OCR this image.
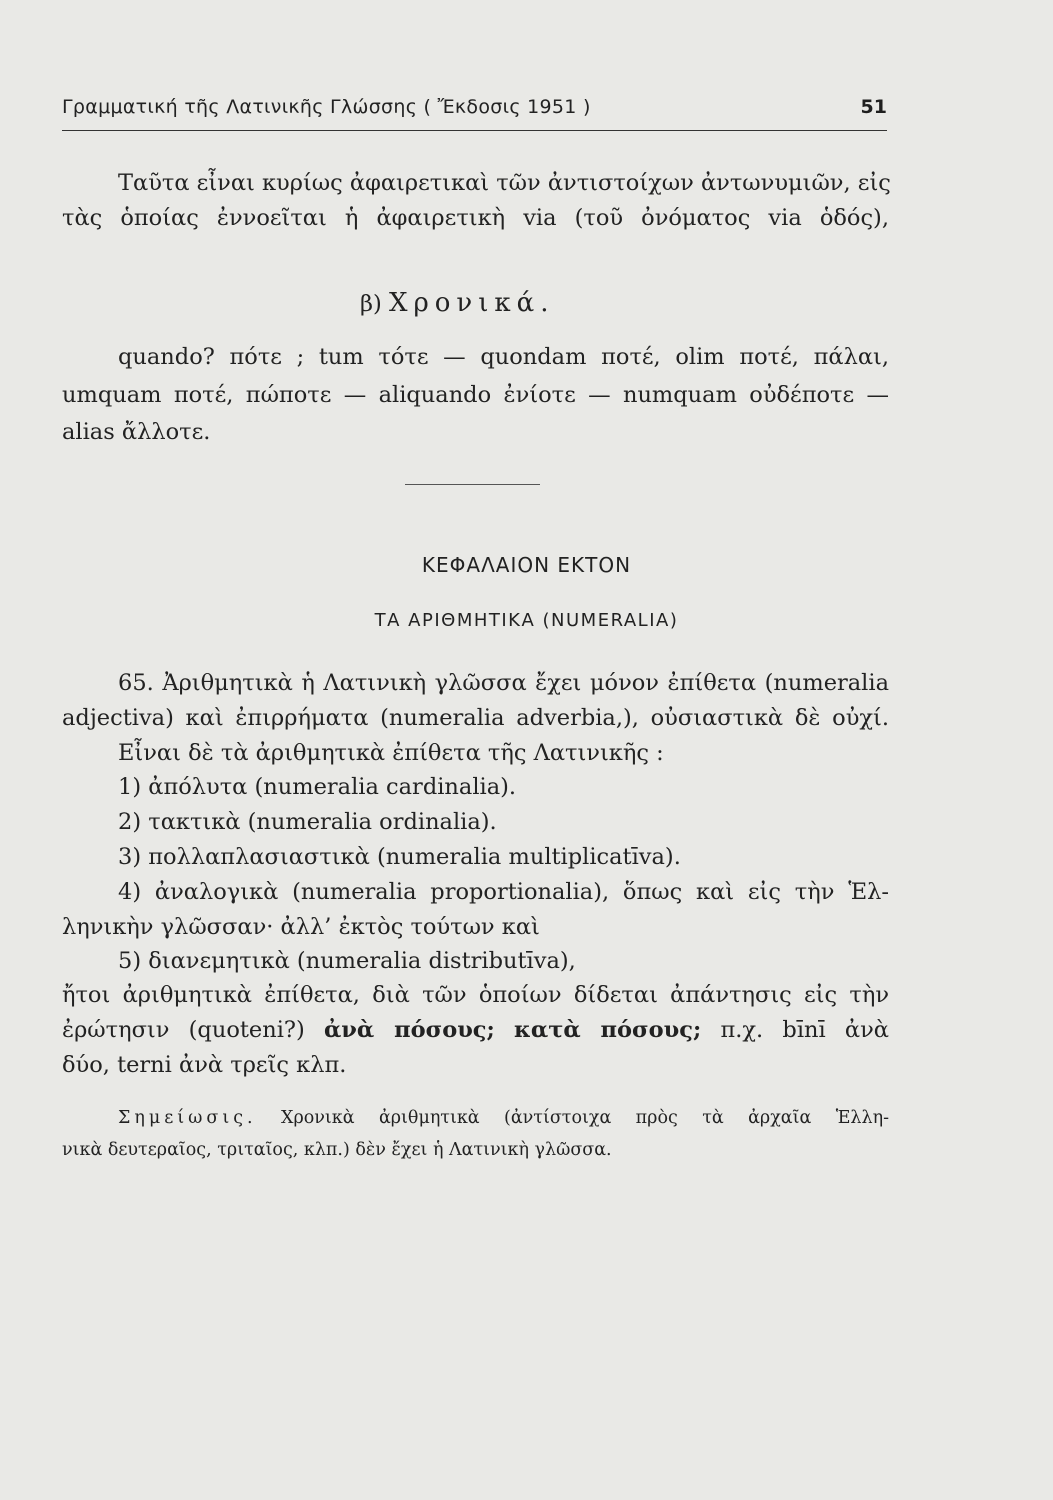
Γραμματική τῆς Λατινικῆς Γλώσσης ( Ἔκδοσις 1951 )	51
Ταῦτα εἶναι κυρίως ἀφαιρετικαὶ τῶν ἀντιστοίχων ἀντωνυμιῶν, εἰς
τὰς ὁποίας ἐννοεῖται ἡ ἀφαιρετικὴ via (τοῦ ὀνόματος via ὁδός),
β) Χρονικά.
quando? πότε ; tum τότε — quondam ποτέ, olim ποτέ, πάλαι,
umquam ποτέ, πώποτε — aliquando ἐνίοτε — numquam οὐδέποτε —
alias ἄλλοτε.
ΚΕΦΑΛΑΙΟΝ ΕΚΤΟΝ
ΤΑ ΑΡΙΘΜΗΤΙΚΑ (NUMERALIA)
65. Ἀριθμητικὰ ἡ Λατινικὴ γλῶσσα ἔχει μόνον ἐπίθετα (numeralia
adjectiva) καὶ ἐπιρρήματα (numeralia adverbia,), οὐσιαστικὰ δὲ οὐχί.
Εἶναι δὲ τὰ ἀριθμητικὰ ἐπίθετα τῆς Λατινικῆς :
1) ἀπόλυτα (numeralia cardinalia).
2) τακτικὰ (numeralia ordinalia).
3) πολλαπλασιαστικὰ (numeralia multiplicatīva).
4) ἀναλογικὰ (numeralia proportionalia), ὅπως καὶ εἰς τὴν Ἑλ-
ληνικὴν γλῶσσαν· ἀλλ’ ἐκτὸς τούτων καὶ
5) διανεμητικὰ (numeralia distributīva),
ἤτοι ἀριθμητικὰ ἐπίθετα, διὰ τῶν ὁποίων δίδεται ἀπάντησις εἰς τὴν
ἐρώτησιν (quoteni?) ἀνὰ πόσους; κατὰ πόσους; π.χ. bīnī ἀνὰ
δύο, terni ἀνὰ τρεῖς κλπ.
Σημείωσις. Χρονικὰ ἀριθμητικὰ (ἀντίστοιχα πρὸς τὰ ἀρχαῖα Ἑλλη-
νικὰ δευτεραῖος, τριταῖος, κλπ.) δὲν ἔχει ἡ Λατινικὴ γλῶσσα.
